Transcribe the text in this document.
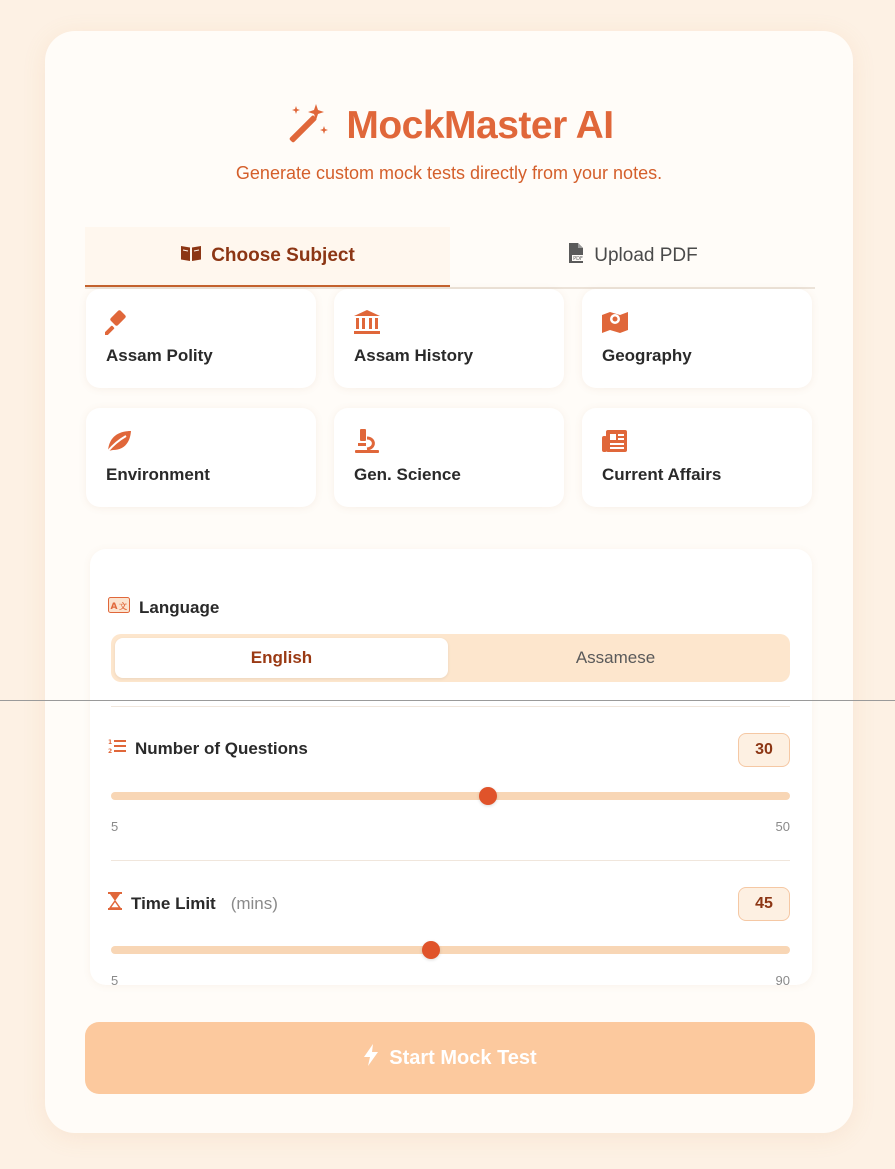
MockMaster AI
Generate custom mock tests directly from your notes.
Choose Subject	PDF Upload PDF
Assam Polity	Assam History	Geography
Environment	Gen. Science	Current Affairs
A 文 Language
English	Assamese
1
2 Number of Questions	30
5	50
Time Limit (mins)	45
5	90
Start Mock Test
